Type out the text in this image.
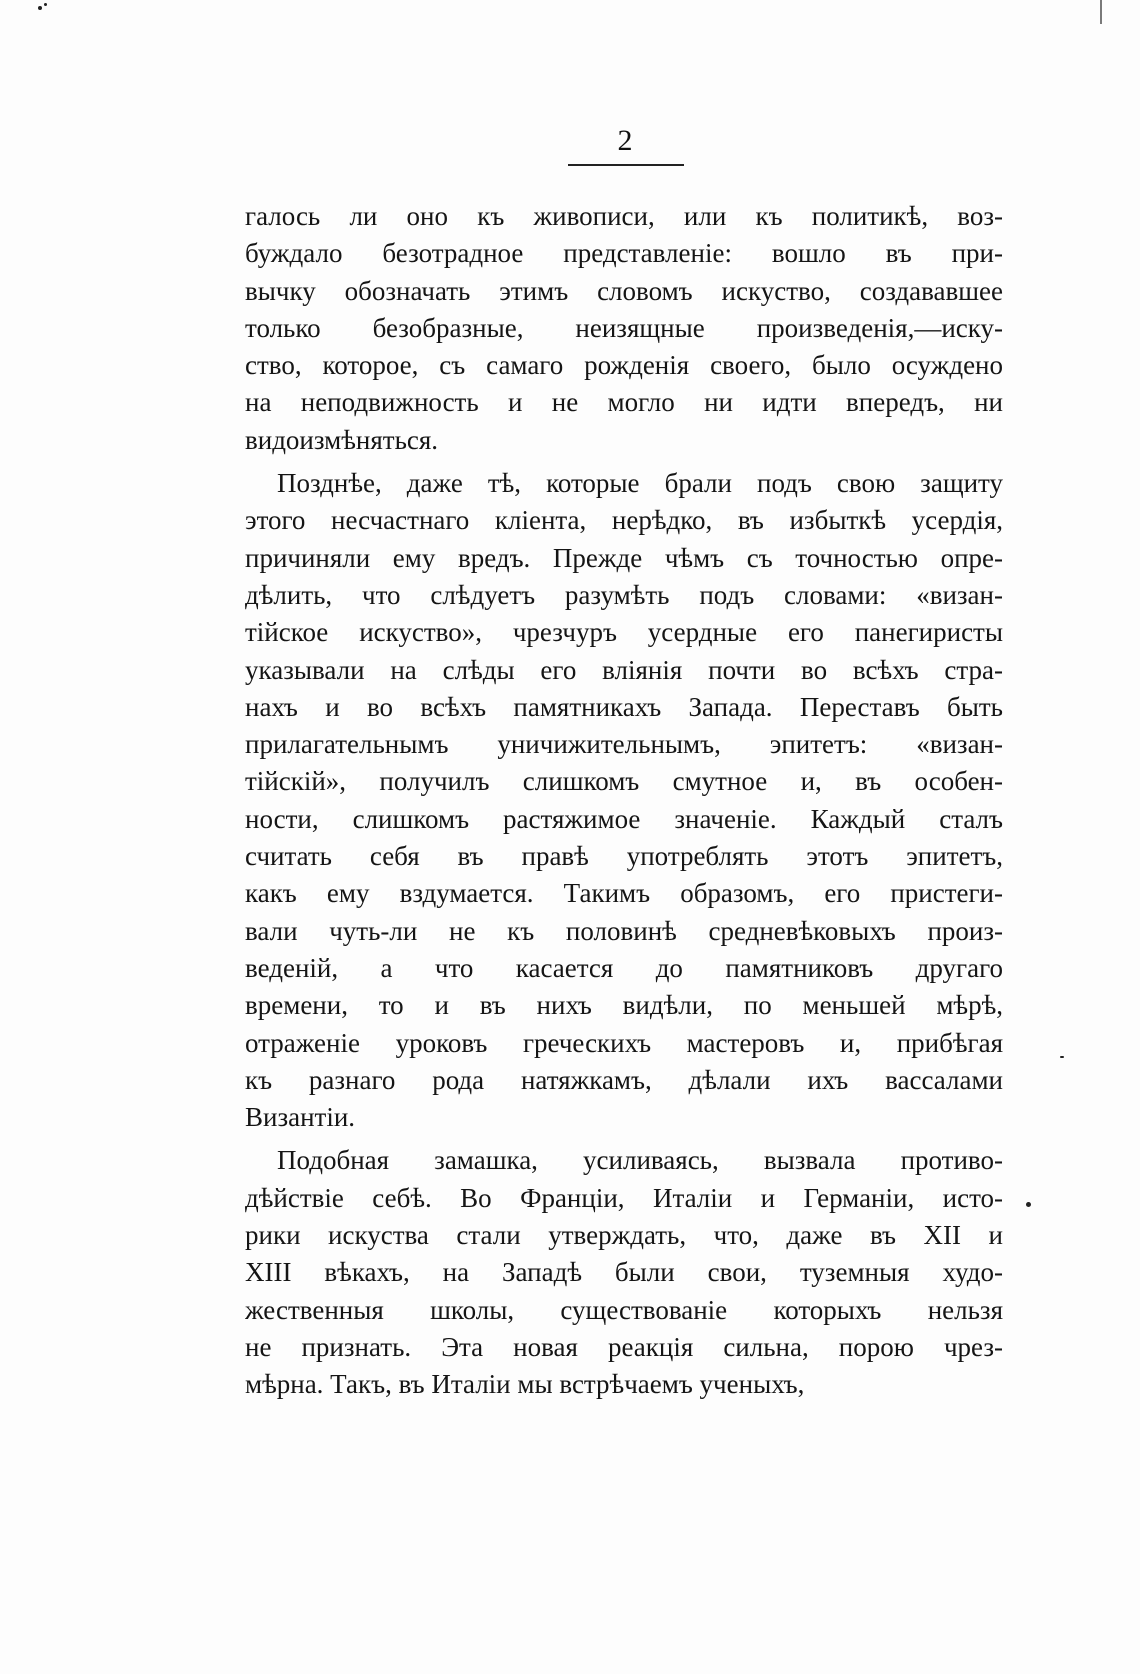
2
галось ли оно къ живописи, или къ политикѣ, воз-
буждало безотрадное представленіе: вошло въ при-
вычку обозначать этимъ словомъ искуство, создававшее
только безобразные, неизящные произведенія,—иску-
ство, которое, съ самаго рожденія своего, было осуждено
на неподвижность и не могло ни идти впередъ, ни
видоизмѣняться.
Позднѣе, даже тѣ, которые брали подъ свою защиту
этого несчастнаго кліента, нерѣдко, въ избыткѣ усердія,
причиняли ему вредъ. Прежде чѣмъ съ точностью опре-
дѣлить, что слѣдуетъ разумѣть подъ словами: «визан-
тійское искуство», чрезчуръ усердные его панегиристы
указывали на слѣды его вліянія почти во всѣхъ стра-
нахъ и во всѣхъ памятникахъ Запада. Переставъ быть
прилагательнымъ уничижительнымъ, эпитетъ: «визан-
тійскій», получилъ слишкомъ смутное и, въ особен-
ности, слишкомъ растяжимое значеніе. Каждый сталъ
считать себя въ правѣ употреблять этотъ эпитетъ,
какъ ему вздумается. Такимъ образомъ, его пристеги-
вали чуть-ли не къ половинѣ средневѣковыхъ произ-
веденій, а что касается до памятниковъ другаго
времени, то и въ нихъ видѣли, по меньшей мѣрѣ,
отраженіе уроковъ греческихъ мастеровъ и, прибѣгая
къ разнаго рода натяжкамъ, дѣлали ихъ вассалами
Византіи.
Подобная замашка, усиливаясь, вызвала противо-
дѣйствіе себѣ. Во Франціи, Италіи и Германіи, исто-
рики искуства стали утверждать, что, даже въ XII и
XIII вѣкахъ, на Западѣ были свои, туземныя худо-
жественныя школы, существованіе которыхъ нельзя
не признать. Эта новая реакція сильна, порою чрез-
мѣрна. Такъ, въ Италіи мы встрѣчаемъ ученыхъ,
